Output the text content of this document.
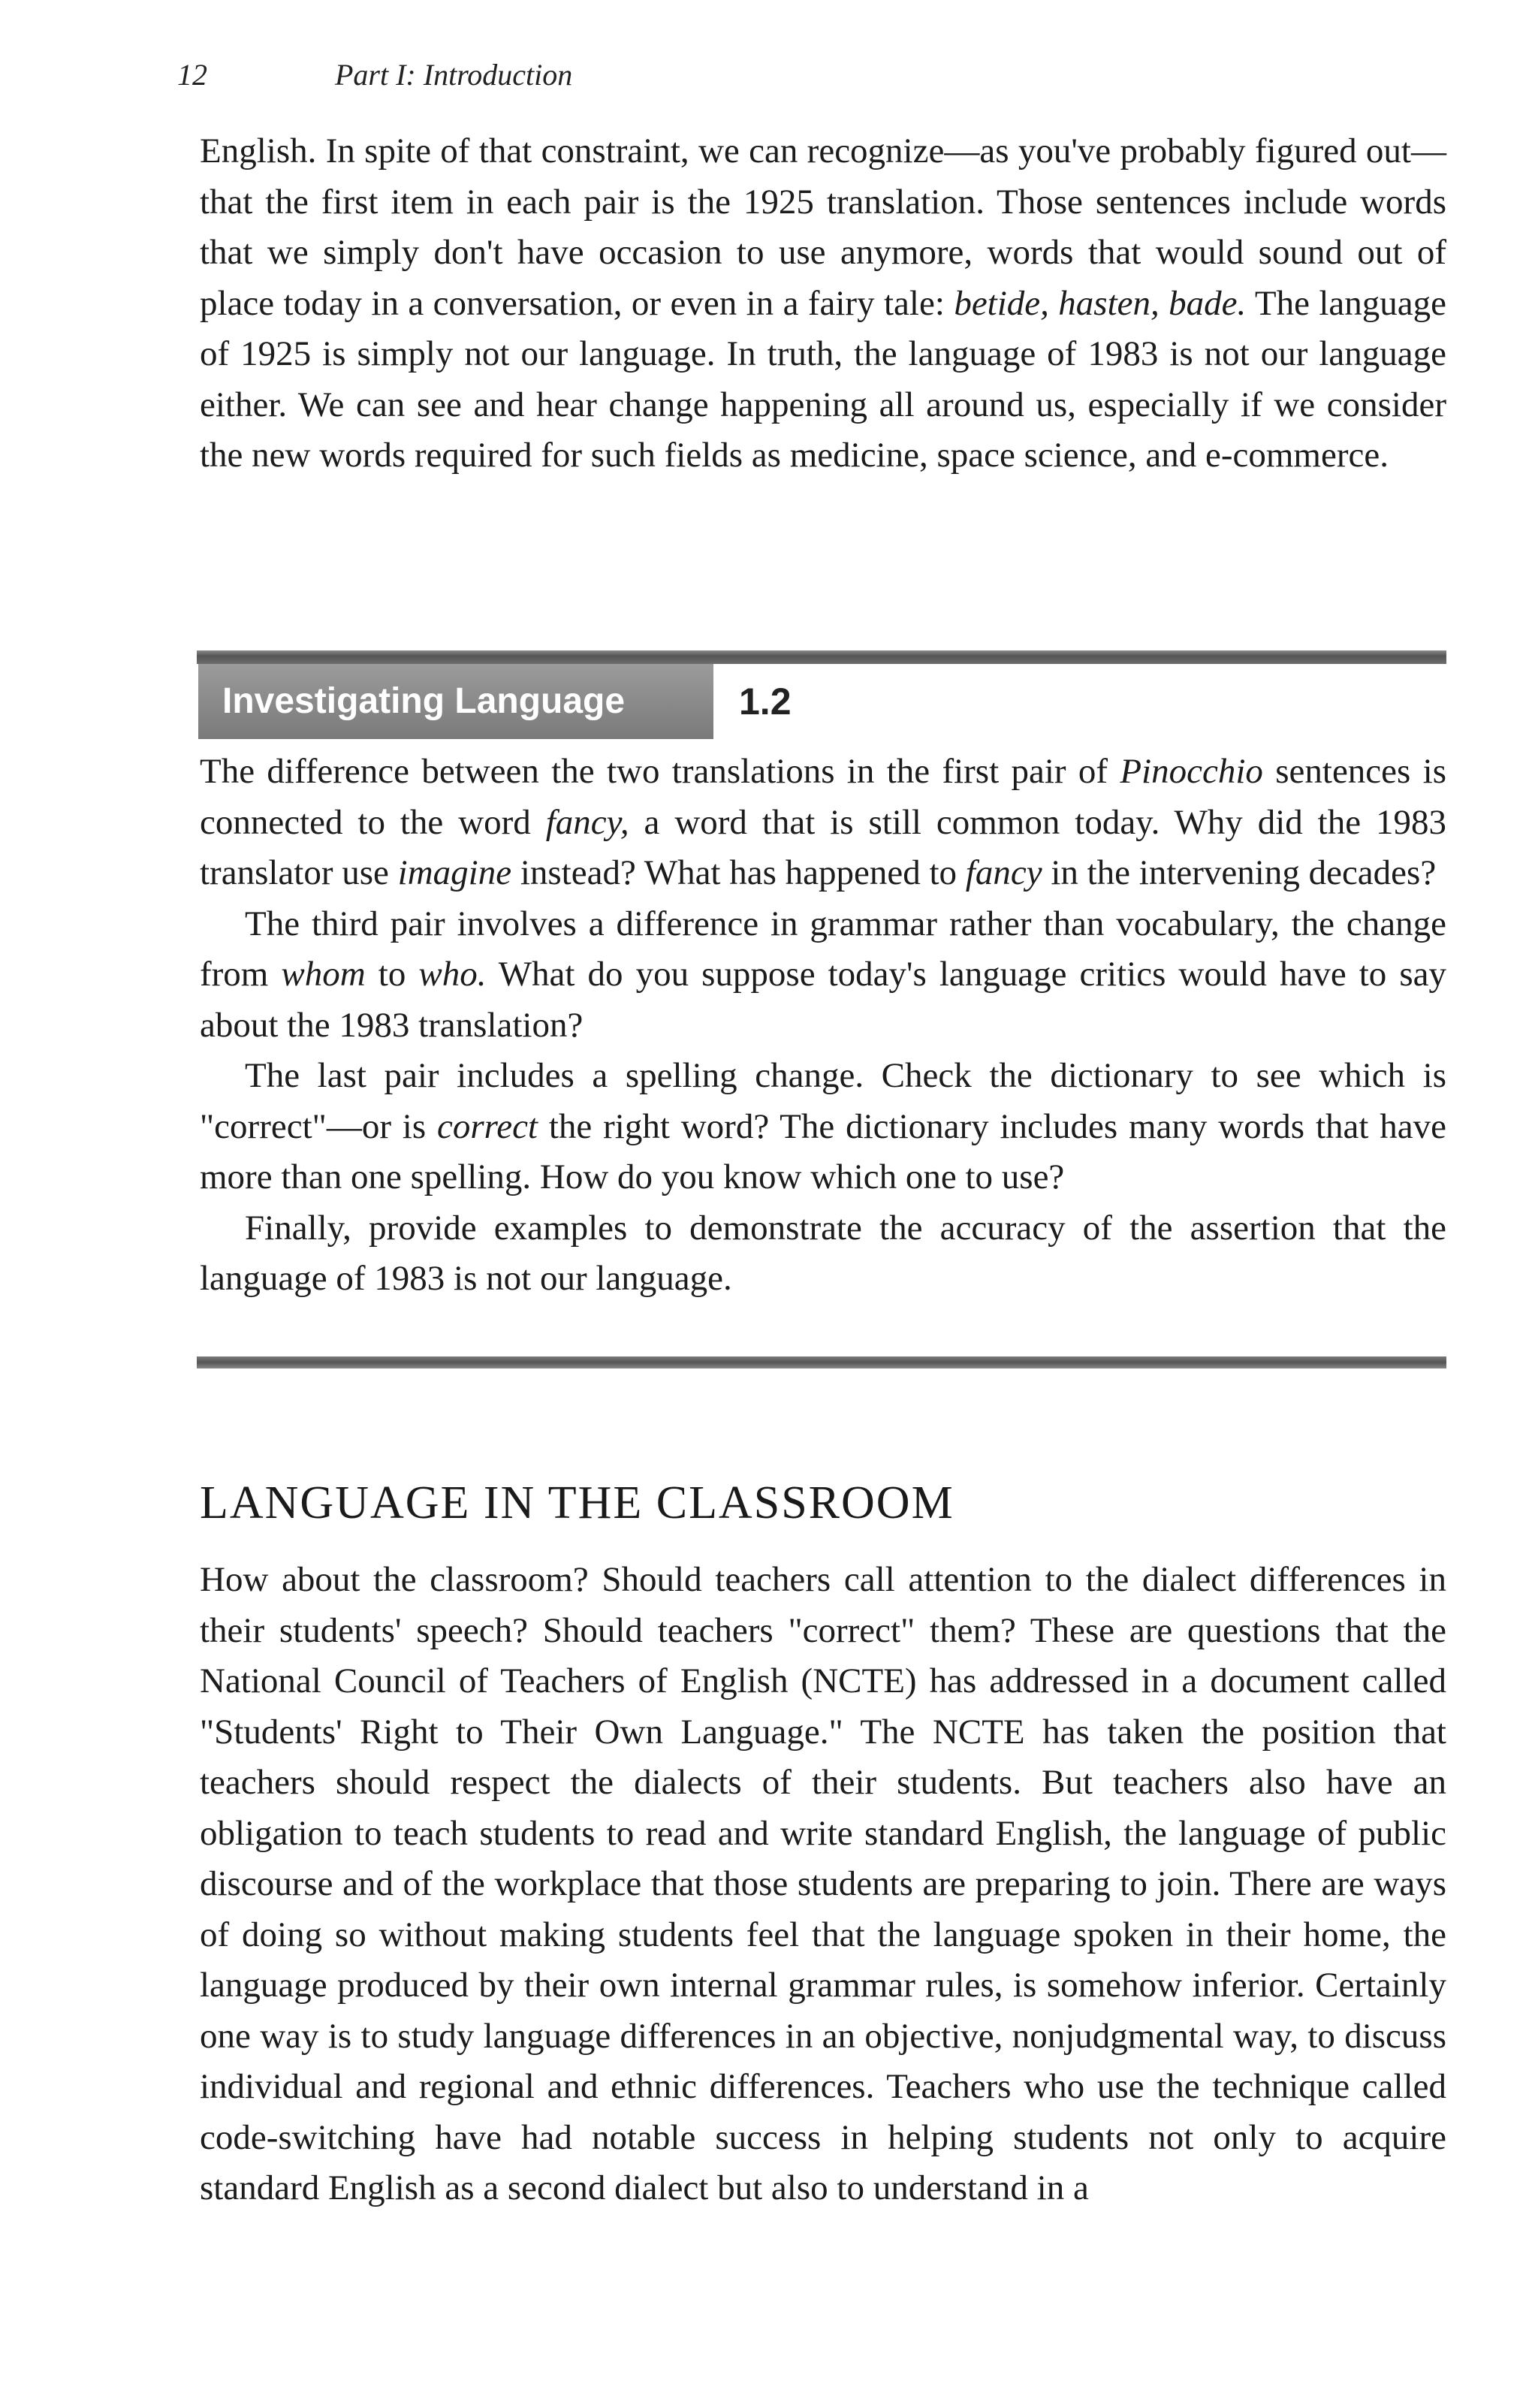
12	Part I: Introduction

English. In spite of that constraint, we can recognize—as you've probably figured out—that the first item in each pair is the 1925 translation. Those sentences include words that we simply don't have occasion to use anymore, words that would sound out of place today in a conversation, or even in a fairy tale: betide, hasten, bade. The language of 1925 is simply not our language. In truth, the language of 1983 is not our language either. We can see and hear change happening all around us, especially if we consider the new words required for such fields as medicine, space science, and e-commerce.

Investigating Language	1.2

The difference between the two translations in the first pair of Pinocchio sentences is connected to the word fancy, a word that is still common today. Why did the 1983 translator use imagine instead? What has happened to fancy in the intervening decades?

The third pair involves a difference in grammar rather than vocabulary, the change from whom to who. What do you suppose today's language critics would have to say about the 1983 translation?

The last pair includes a spelling change. Check the dictionary to see which is "correct"—or is correct the right word? The dictionary includes many words that have more than one spelling. How do you know which one to use?

Finally, provide examples to demonstrate the accuracy of the assertion that the language of 1983 is not our language.

LANGUAGE IN THE CLASSROOM

How about the classroom? Should teachers call attention to the dialect differences in their students' speech? Should teachers "correct" them? These are questions that the National Council of Teachers of English (NCTE) has addressed in a document called "Students' Right to Their Own Language." The NCTE has taken the position that teachers should respect the dialects of their students. But teachers also have an obligation to teach students to read and write standard English, the language of public discourse and of the workplace that those students are preparing to join. There are ways of doing so without making students feel that the language spoken in their home, the language produced by their own internal grammar rules, is somehow inferior. Certainly one way is to study language differences in an objective, nonjudgmental way, to discuss individual and regional and ethnic differences. Teachers who use the technique called code-switching have had notable success in helping students not only to acquire standard English as a second dialect but also to understand in a
